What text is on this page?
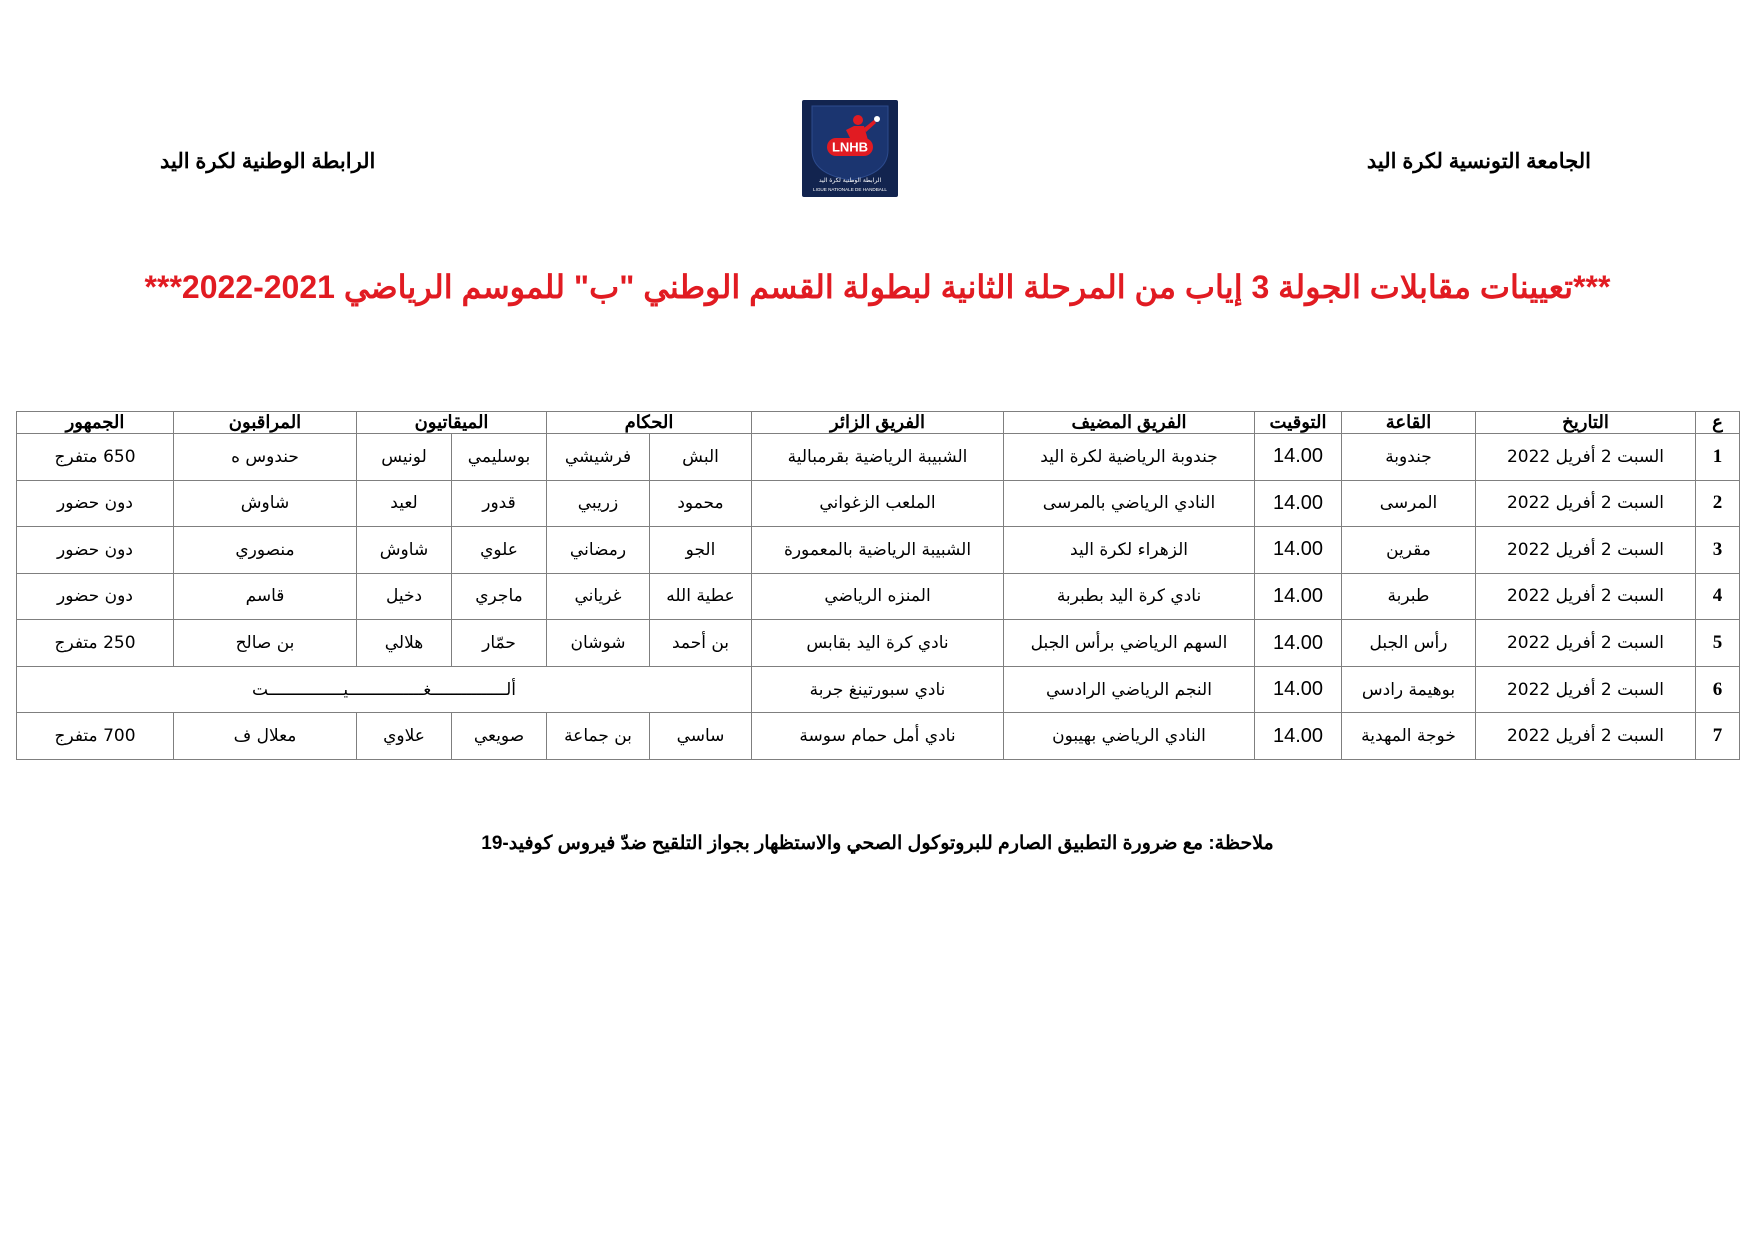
الجامعة التونسية لكرة اليد
الرابطة الوطنية لكرة اليد
LNHB
الرابطة الوطنية لكرة اليد
LIGUE NATIONALE DE HANDBALL
***تعيينات مقابلات الجولة 3 إياب من المرحلة الثانية لبطولة القسم الوطني "ب" للموسم الرياضي 2021-2022***
ع	التاريخ	القاعة	التوقيت	الفريق المضيف	الفريق الزائر	الحكام		الميقاتيون		المراقبون	الجمهور
1	السبت 2 أفريل 2022	جندوبة	14.00	جندوبة الرياضية لكرة اليد	الشبيبة الرياضية بقرمبالية	البش	فرشيشي	بوسليمي	لونيس	حندوس ه	650 متفرج
2	السبت 2 أفريل 2022	المرسى	14.00	النادي الرياضي بالمرسى	الملعب الزغواني	محمود	زريبي	قدور	لعيد	شاوش	دون حضور
3	السبت 2 أفريل 2022	مقرين	14.00	الزهراء لكرة اليد	الشبيبة الرياضية بالمعمورة	الجو	رمضاني	علوي	شاوش	منصوري	دون حضور
4	السبت 2 أفريل 2022	طبربة	14.00	نادي كرة اليد بطبربة	المنزه الرياضي	عطية الله	غرياني	ماجري	دخيل	قاسم	دون حضور
5	السبت 2 أفريل 2022	رأس الجبل	14.00	السهم الرياضي برأس الجبل	نادي كرة اليد بقابس	بن أحمد	شوشان	حمّار	هلالي	بن صالح	250 متفرج
6	السبت 2 أفريل 2022	بوهيمة رادس	14.00	النجم الرياضي الرادسي	نادي سبورتينغ جربة	ألـــــــــــــــغـــــــــــــــيـــــــــــــــت					
7	السبت 2 أفريل 2022	خوجة المهدية	14.00	النادي الرياضي بهيبون	نادي أمل حمام سوسة	ساسي	بن جماعة	صويعي	علاوي	معلال ف	700 متفرج
ملاحظة: مع ضرورة التطبيق الصارم للبروتوكول الصحي والاستظهار بجواز التلقيح ضدّ فيروس كوفيد-19
